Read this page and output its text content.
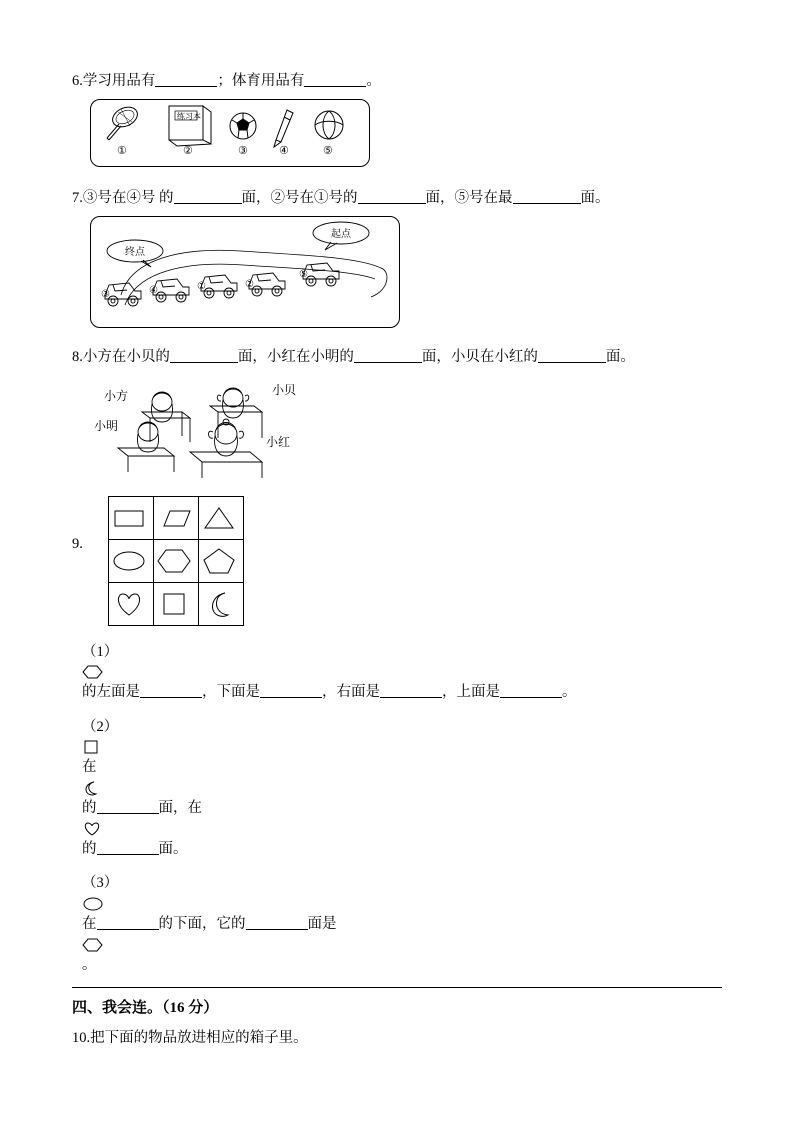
6.学习用品有	；体育用品有	。
练习本
①	②	③	④	⑤
7.③号在④号 的	面，②号在①号的	面，⑤号在最	面。
起点
终点
③	④	①	②
⑤
8.小方在小贝的	面，小红在小明的	面，小贝在小红的	面。
小方	小贝
小明
小红
9.

（1）
的左面是	，下面是	，右面是	，上面是	。
（2）
在
的	面，在
的	面。
（3）
在	的下面，它的	面是
。
四、我会连。（16 分）
10.把下面的物品放进相应的箱子里。
